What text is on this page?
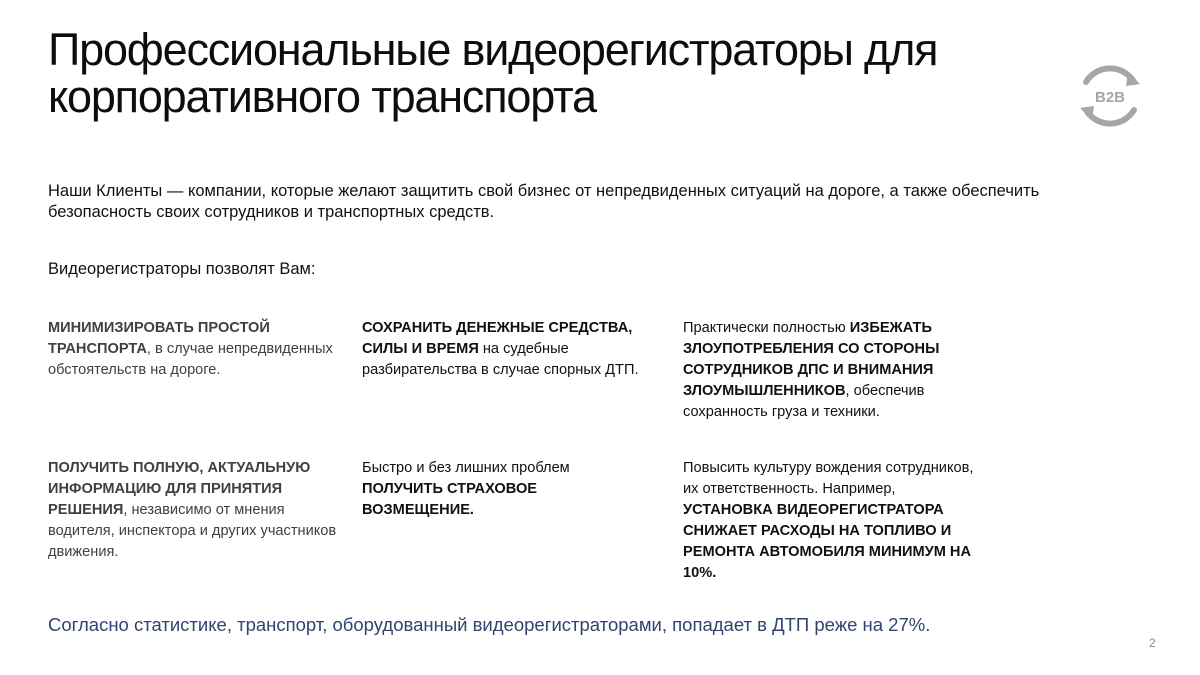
Профессиональные видеорегистраторы для
корпоративного транспорта	B2B

Наши Клиенты — компании, которые желают защитить свой бизнес от непредвиденных ситуаций на дороге, а также обеспечить безопасность своих сотрудников и транспортных средств.

Видеорегистраторы позволят Вам:

МИНИМИЗИРОВАТЬ ПРОСТОЙ ТРАНСПОРТА, в случае непредвиденных обстоятельств на дороге.

СОХРАНИТЬ ДЕНЕЖНЫЕ СРЕДСТВА, СИЛЫ И ВРЕМЯ на судебные разбирательства в случае спорных ДТП.

Практически полностью ИЗБЕЖАТЬ ЗЛОУПОТРЕБЛЕНИЯ СО СТОРОНЫ СОТРУДНИКОВ ДПС И ВНИМАНИЯ ЗЛОУМЫШЛЕННИКОВ, обеспечив сохранность груза и техники.

ПОЛУЧИТЬ ПОЛНУЮ, АКТУАЛЬНУЮ ИНФОРМАЦИЮ ДЛЯ ПРИНЯТИЯ РЕШЕНИЯ, независимо от мнения водителя, инспектора и других участников движения.

Быстро и без лишних проблем ПОЛУЧИТЬ СТРАХОВОЕ ВОЗМЕЩЕНИЕ.

Повысить культуру вождения сотрудников, их ответственность. Например, УСТАНОВКА ВИДЕОРЕГИСТРАТОРА СНИЖАЕТ РАСХОДЫ НА ТОПЛИВО И РЕМОНТА АВТОМОБИЛЯ МИНИМУМ НА 10%.

Согласно статистике, транспорт, оборудованный видеорегистраторами, попадает в ДТП реже на 27%.

2
